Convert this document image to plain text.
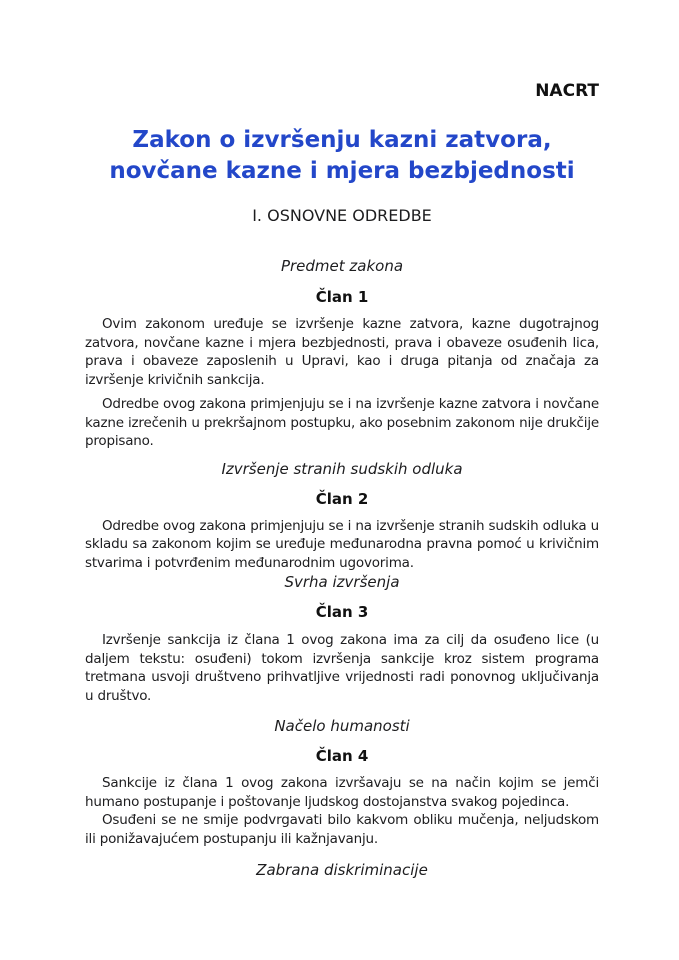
NACRT
Zakon o izvršenju kazni zatvora, novčane kazne i mjera bezbjednosti
I. OSNOVNE ODREDBE
Predmet zakona
Član 1

Ovim zakonom uređuje se izvršenje kazne zatvora, kazne dugotrajnog zatvora, novčane kazne i mjera bezbjednosti, prava i obaveze osuđenih lica, prava i obaveze zaposlenih u Upravi, kao i druga pitanja od značaja za izvršenje krivičnih sankcija.

Odredbe ovog zakona primjenjuju se i na izvršenje kazne zatvora i novčane kazne izrečenih u prekršajnom postupku, ako posebnim zakonom nije drukčije propisano.

Izvršenje stranih sudskih odluka
Član 2

Odredbe ovog zakona primjenjuju se i na izvršenje stranih sudskih odluka u skladu sa zakonom kojim se uređuje međunarodna pravna pomoć u krivičnim stvarima i potvrđenim međunarodnim ugovorima.

Svrha izvršenja
Član 3

Izvršenje sankcija iz člana 1 ovog zakona ima za cilj da osuđeno lice (u daljem tekstu: osuđeni) tokom izvršenja sankcije kroz sistem programa tretmana usvoji društveno prihvatljive vrijednosti radi ponovnog uključivanja u društvo.

Načelo humanosti
Član 4

Sankcije iz člana 1 ovog zakona izvršavaju se na način kojim se jemči humano postupanje i poštovanje ljudskog dostojanstva svakog pojedinca.

Osuđeni se ne smije podvrgavati bilo kakvom obliku mučenja, neljudskom ili ponižavajućem postupanju ili kažnjavanju.

Zabrana diskriminacije
